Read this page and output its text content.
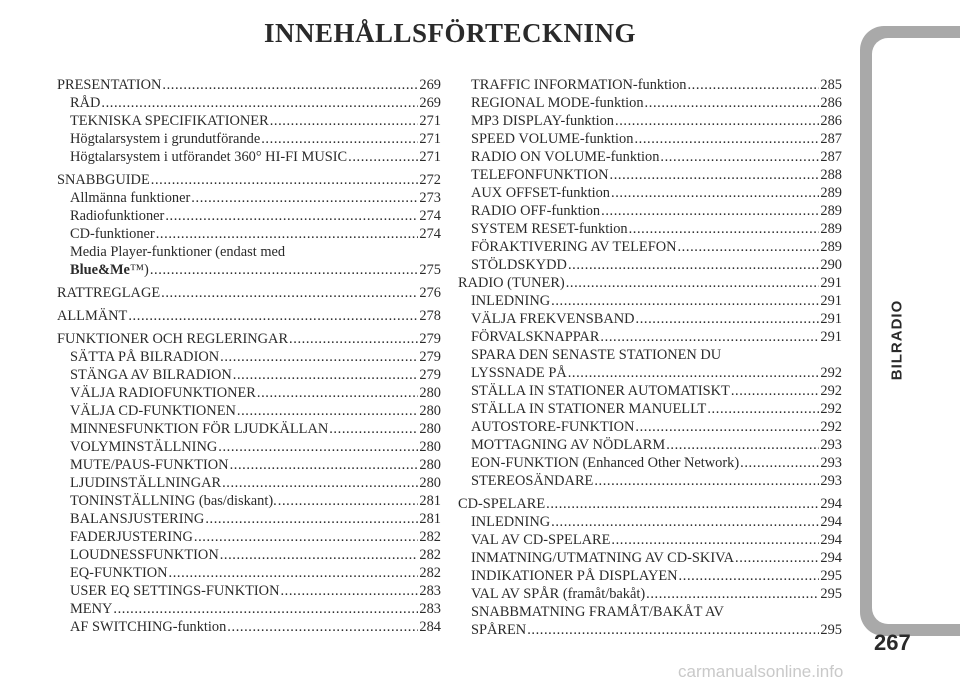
INNEHÅLLSFÖRTECKNING
PRESENTATION .....	269
RÅD .....	269
TEKNISKA SPECIFIKATIONER .....	271
Högtalarsystem i grundutförande .....	271
Högtalarsystem i utförandet 360° HI-FI MUSIC .....	271
SNABBGUIDE .....	272
Allmänna funktioner .....	273
Radiofunktioner .....	274
CD-funktioner .....	274
Media Player-funktioner (endast med
Blue&Me™) .....	275
RATTREGLAGE .....	276
ALLMÄNT .....	278
FUNKTIONER OCH REGLERINGAR .....	279
SÄTTA PÅ BILRADION .....	279
STÄNGA AV BILRADION .....	279
VÄLJA RADIOFUNKTIONER .....	280
VÄLJA CD-FUNKTIONEN .....	280
MINNESFUNKTION FÖR LJUDKÄLLAN .....	280
VOLYMINSTÄLLNING .....	280
MUTE/PAUS-FUNKTION .....	280
LJUDINSTÄLLNINGAR .....	280
TONINSTÄLLNING (bas/diskant). .....	281
BALANSJUSTERING .....	281
FADERJUSTERING .....	282
LOUDNESSFUNKTION .....	282
EQ-FUNKTION .....	282
USER EQ SETTINGS-FUNKTION .....	283
MENY .....	283
AF SWITCHING-funktion .....	284
TRAFFIC INFORMATION-funktion .....	285
REGIONAL MODE-funktion .....	286
MP3 DISPLAY-funktion .....	286
SPEED VOLUME-funktion .....	287
RADIO ON VOLUME-funktion .....	287
TELEFONFUNKTION .....	288
AUX OFFSET-funktion .....	289
RADIO OFF-funktion .....	289
SYSTEM RESET-funktion .....	289
FÖRAKTIVERING AV TELEFON .....	289
STÖLDSKYDD .....	290
RADIO (TUNER) .....	291
INLEDNING .....	291
VÄLJA FREKVENSBAND .....	291
FÖRVALSKNAPPAR .....	291
SPARA DEN SENASTE STATIONEN DU
LYSSNADE PÅ .....	292
STÄLLA IN STATIONER AUTOMATISKT .....	292
STÄLLA IN STATIONER MANUELLT .....	292
AUTOSTORE-FUNKTION .....	292
MOTTAGNING AV NÖDLARM .....	293
EON-FUNKTION (Enhanced Other Network) .....	293
STEREOSÄNDARE .....	293
CD-SPELARE .....	294
INLEDNING .....	294
VAL AV CD-SPELARE .....	294
INMATNING/UTMATNING AV CD-SKIVA .....	294
INDIKATIONER PÅ DISPLAYEN .....	295
VAL AV SPÅR (framåt/bakåt) .....	295
SNABBMATNING FRAMÅT/BAKÅT AV
SPÅREN .....	295
BILRADIO
267
carmanualsonline.info
